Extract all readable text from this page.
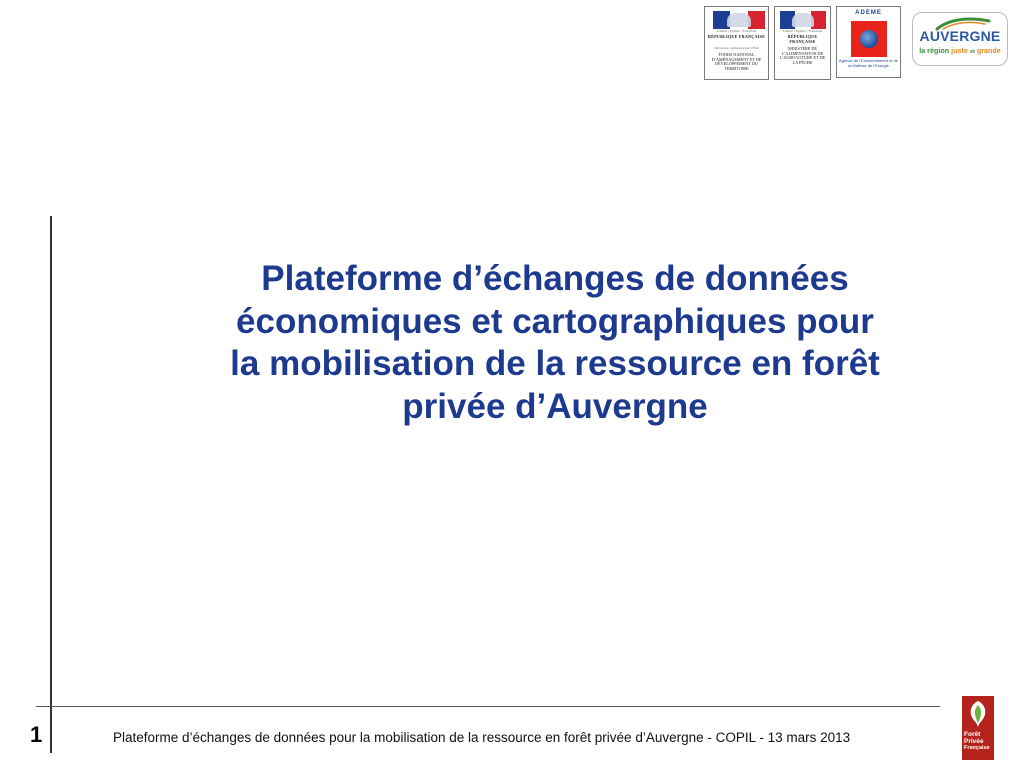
Liberté • Égalité • Fraternité
RÉPUBLIQUE FRANÇAISE
Opération cofinancée par l’État
FONDS NATIONAL D’AMÉNAGEMENT ET DE DÉVELOPPEMENT DU TERRITOIRE
Liberté • Égalité • Fraternité
RÉPUBLIQUE FRANÇAISE
MINISTÈRE DE L’ALIMENTATION DE L’AGRICULTURE ET DE LA PÊCHE
ADEME
Agence de l’Environnement et de la Maîtrise de l’Énergie
AUVERGNE
la région juste et grande
Plateforme d’échanges de données
économiques et cartographiques pour
la mobilisation de la ressource en forêt
privée d’Auvergne
1	Plateforme d’échanges de données pour la mobilisation de la ressource en forêt privée d’Auvergne - COPIL - 13 mars 2013	Forêt
Privée
Française
